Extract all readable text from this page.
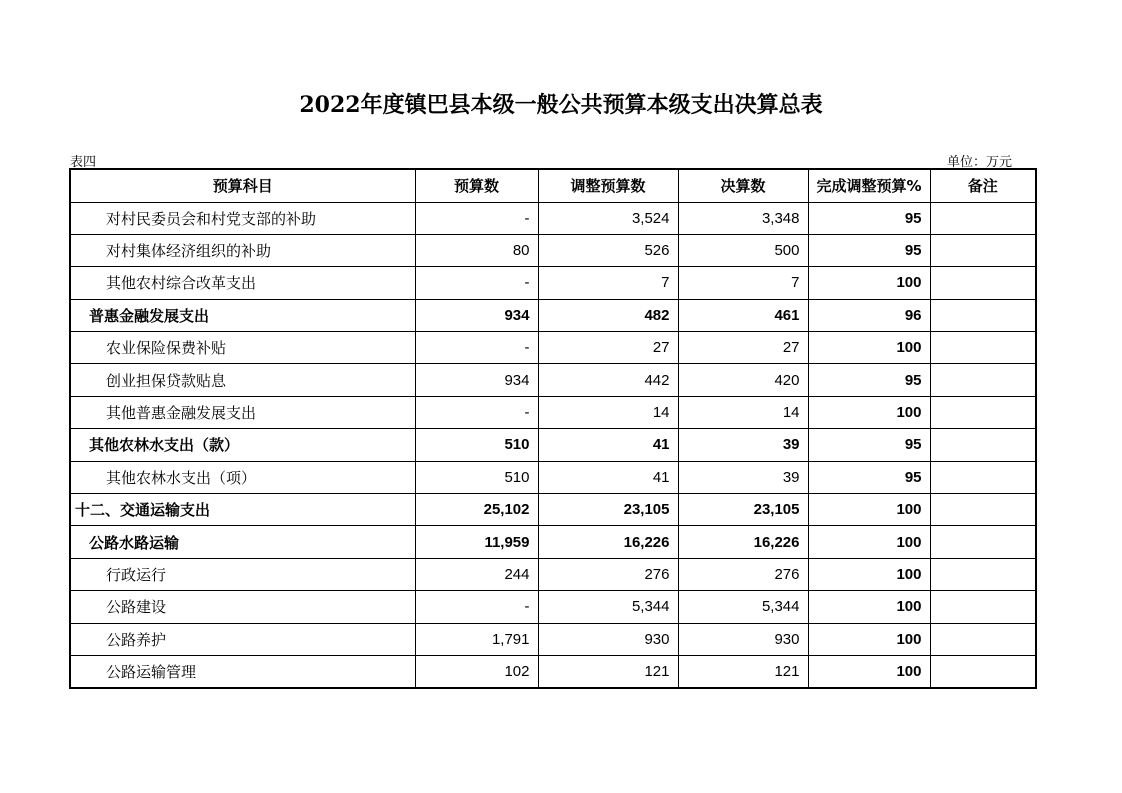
2022年度镇巴县本级一般公共预算本级支出决算总表
表四	单位：万元
预算科目	预算数	调整预算数	决算数	完成调整预算%	备注
对村民委员会和村党支部的补助	-	3,524	3,348	95	
对村集体经济组织的补助	80	526	500	95	
其他农村综合改革支出	-	7	7	100	
普惠金融发展支出	934	482	461	96	
农业保险保费补贴	-	27	27	100	
创业担保贷款贴息	934	442	420	95	
其他普惠金融发展支出	-	14	14	100	
其他农林水支出（款）	510	41	39	95	
其他农林水支出（项）	510	41	39	95	
十二、交通运输支出	25,102	23,105	23,105	100	
公路水路运输	11,959	16,226	16,226	100	
行政运行	244	276	276	100	
公路建设	-	5,344	5,344	100	
公路养护	1,791	930	930	100	
公路运输管理	102	121	121	100	
